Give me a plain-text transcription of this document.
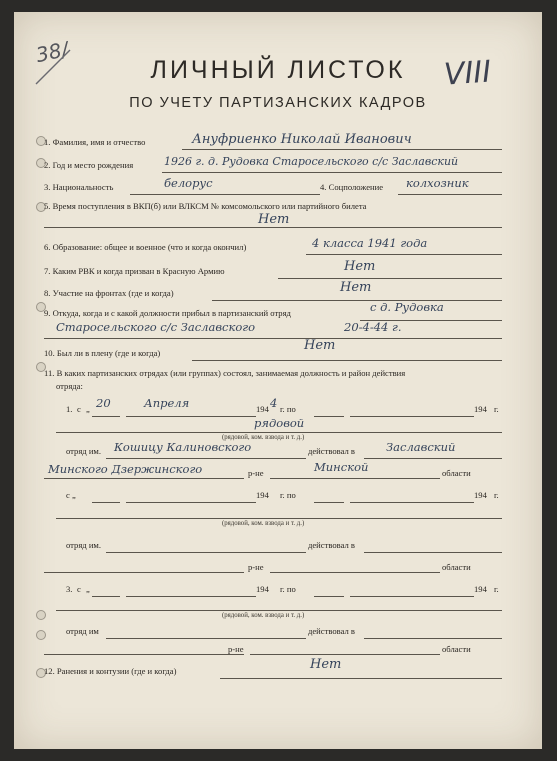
38/
VIII
ЛИЧНЫЙ ЛИСТОК
ПО УЧЕТУ ПАРТИЗАНСКИХ КАДРОВ
1. Фамилия, имя и отчество	Ануфриенко Николай Иванович
2. Год и место рождения	1926 г. д. Рудовка Старосельского с/с Заславский
3. Национальность	белорус	4. Соцположение колхозник
5. Время поступления в ВКП(б) или ВЛКСМ № комсомольского или партийного билета
Нет
6. Образование: общее и военное (что и когда окончил)	4 класса 1941 года
7. Каким РВК и когда призван в Красную Армию	Нет
8. Участие на фронтах (где и когда)	Нет
9. Откуда, когда и с какой должности прибыл в партизанский отряд	с д. Рудовка
Старосельского с/с Заславского	20-4-44 г.
10. Был ли в плену (где и когда)	Нет
11. В каких партизанских отрядах (или группах) состоял, занимаемая должность и район действия
отряда:
1. с „ 20	Апреля	194 4 г. по	194 г.
рядовой
(рядовой, ком. взвода и т. д.)
отряд им. Кошицу Калиновского	действовал в	Заславский
Минского Дзержинского	р-не	Минской	области
с „	194 г. по	194 г.
(рядовой, ком. взвода и т. д.)
отряд им.	действовал в
р-не	области
3. с „	194 г. по	194 г.
(рядовой, ком. взвода и т. д.)
отряд им	действовал в
р-не	области
12. Ранения и контузии (где и когда)	Нет
